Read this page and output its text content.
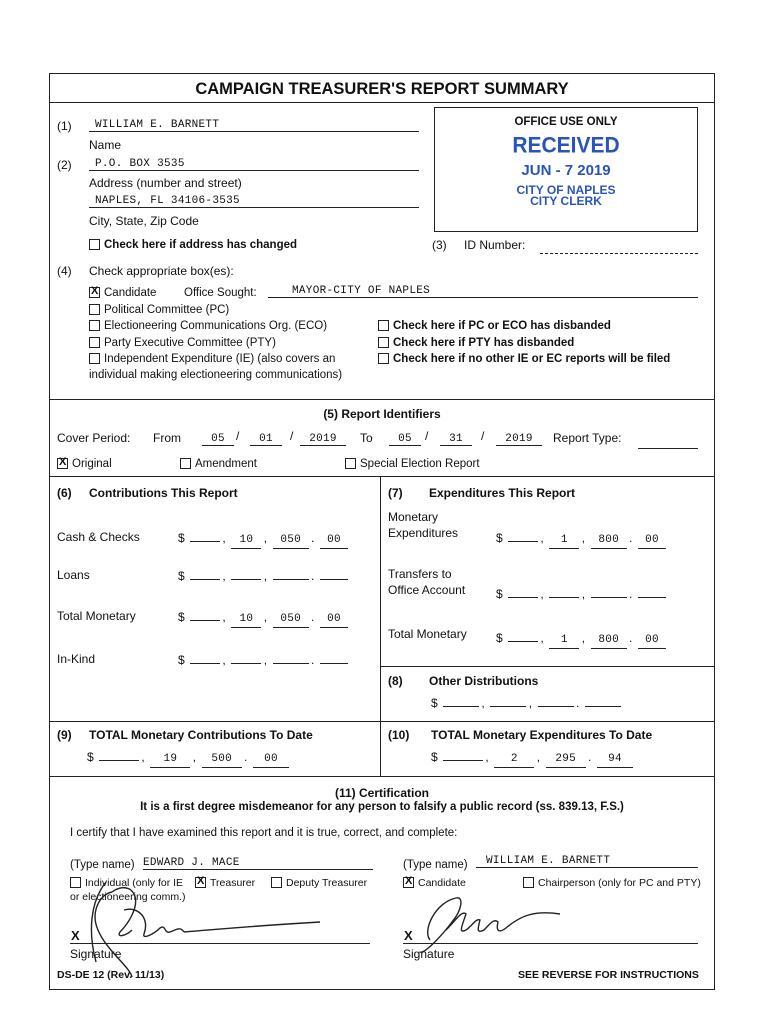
CAMPAIGN TREASURER'S REPORT SUMMARY
OFFICE USE ONLY
RECEIVED
JUN - 7 2019
CITY OF NAPLES
CITY CLERK
(1)	WILLIAM E. BARNETT
Name
(2)	P.O. BOX 3535
Address (number and street)
NAPLES, FL 34106-3535
City, State, Zip Code
Check here if address has changed	(3) ID Number:
(4) Check appropriate box(es):
XCandidate Office Sought:	MAYOR-CITY OF NAPLES
Political Committee (PC)
Electioneering Communications Org. (ECO)
Party Executive Committee (PTY)
Independent Expenditure (IE) (also covers an
individual making electioneering communications)
Check here if PC or ECO has disbanded
Check here if PTY has disbanded
Check here if no other IE or EC reports will be filed
(5) Report Identifiers
Cover Period: From	05 /	01	/	2019	To	05	/	31	/	2019	Report Type:
XOriginal	Amendment	Special Election Report
(6) Contributions This Report
Cash & Checks	$	, 10 , 050 . 00
Loans	$	,	,	.
Total Monetary	$	, 10 , 050 . 00
In-Kind	$	,	,	.
(7) Expenditures This Report
Monetary
Expenditures	$	, 1 , 800 . 00
Transfers to
Office Account	$	,	,	.
Total Monetary $	, 1 , 800 . 00
(8) Other Distributions
$	,	,	.
(9) TOTAL Monetary Contributions To Date
$	, 19 , 500 . 00
(10) TOTAL Monetary Expenditures To Date
$	, 2 , 295 . 94
(11) Certification
It is a first degree misdemeanor for any person to falsify a public record (ss. 839.13, F.S.)
I certify that I have examined this report and it is true, correct, and complete:
(Type name) EDWARD J. MACE
Individual (only for IE
or electioneering comm.)
XTreasurer	Deputy Treasurer
(Type name)	WILLIAM E. BARNETT
XCandidate	Chairperson (only for PC and PTY)
X
Signature
X
Signature
DS-DE 12 (Rev. 11/13)	SEE REVERSE FOR INSTRUCTIONS
